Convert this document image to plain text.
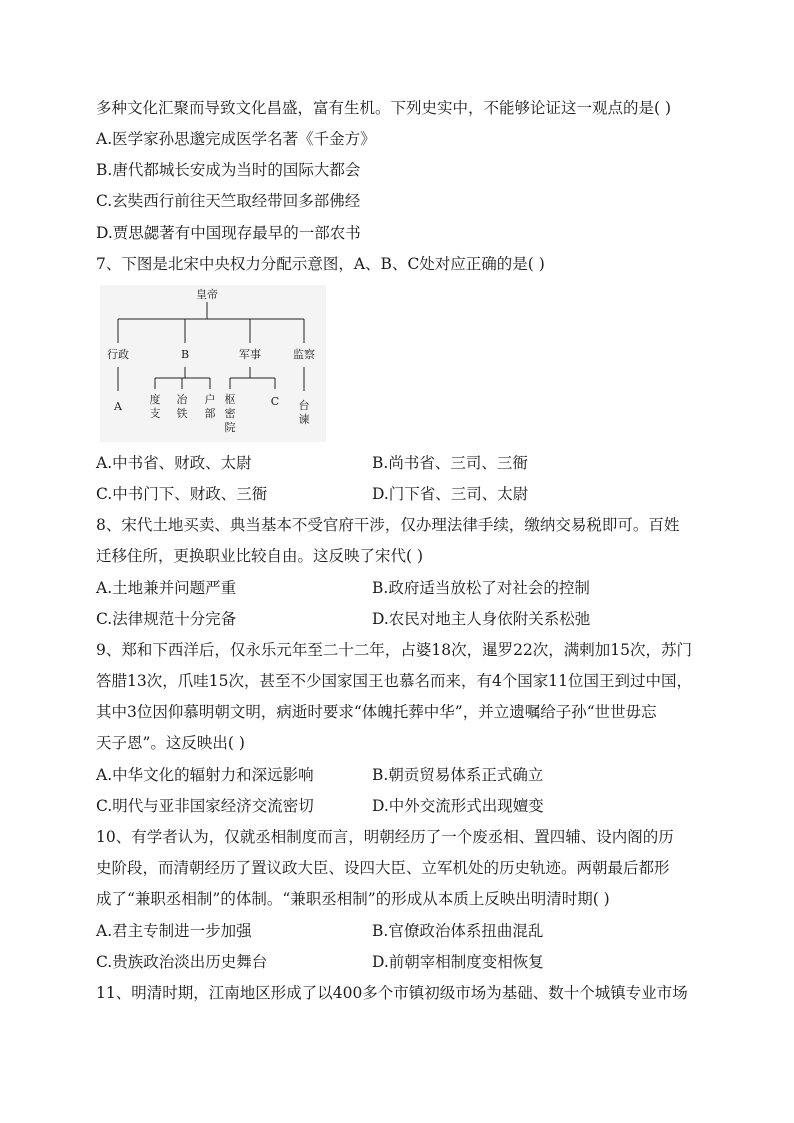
多种文化汇聚而导致文化昌盛，富有生机。下列史实中，不能够论证这一观点的是( )
A.医学家孙思邈完成医学名著《千金方》
B.唐代都城长安成为当时的国际大都会
C.玄奘西行前往天竺取经带回多部佛经
D.贾思勰著有中国现存最早的一部农书
7、下图是北宋中央权力分配示意图，A、B、C处对应正确的是( )
皇帝
行政	B	军事	监察
A
度
支
冶
铁
户
部
枢
密
院
C 台
谏
A.中书省、财政、太尉	B.尚书省、三司、三衙
C.中书门下、财政、三衙	D.门下省、三司、太尉
8、宋代土地买卖、典当基本不受官府干涉，仅办理法律手续，缴纳交易税即可。百姓
迁移住所，更换职业比较自由。这反映了宋代( )
A.土地兼并问题严重	B.政府适当放松了对社会的控制
C.法律规范十分完备	D.农民对地主人身依附关系松弛
9、郑和下西洋后，仅永乐元年至二十二年，占婆18次，暹罗22次，满剌加15次，苏门
答腊13次，爪哇15次，甚至不少国家国王也慕名而来，有4个国家11位国王到过中国，
其中3位因仰慕明朝文明，病逝时要求“体魄托葬中华”，并立遗嘱给子孙“世世毋忘
天子恩”。这反映出( )
A.中华文化的辐射力和深远影响	B.朝贡贸易体系正式确立
C.明代与亚非国家经济交流密切	D.中外交流形式出现嬗变
10、有学者认为，仅就丞相制度而言，明朝经历了一个废丞相、置四辅、设内阁的历
史阶段，而清朝经历了置议政大臣、设四大臣、立军机处的历史轨迹。两朝最后都形
成了“兼职丞相制”的体制。“兼职丞相制”的形成从本质上反映出明清时期( )
A.君主专制进一步加强	B.官僚政治体系扭曲混乱
C.贵族政治淡出历史舞台	D.前朝宰相制度变相恢复
11、明清时期，江南地区形成了以400多个市镇初级市场为基础、数十个城镇专业市场
